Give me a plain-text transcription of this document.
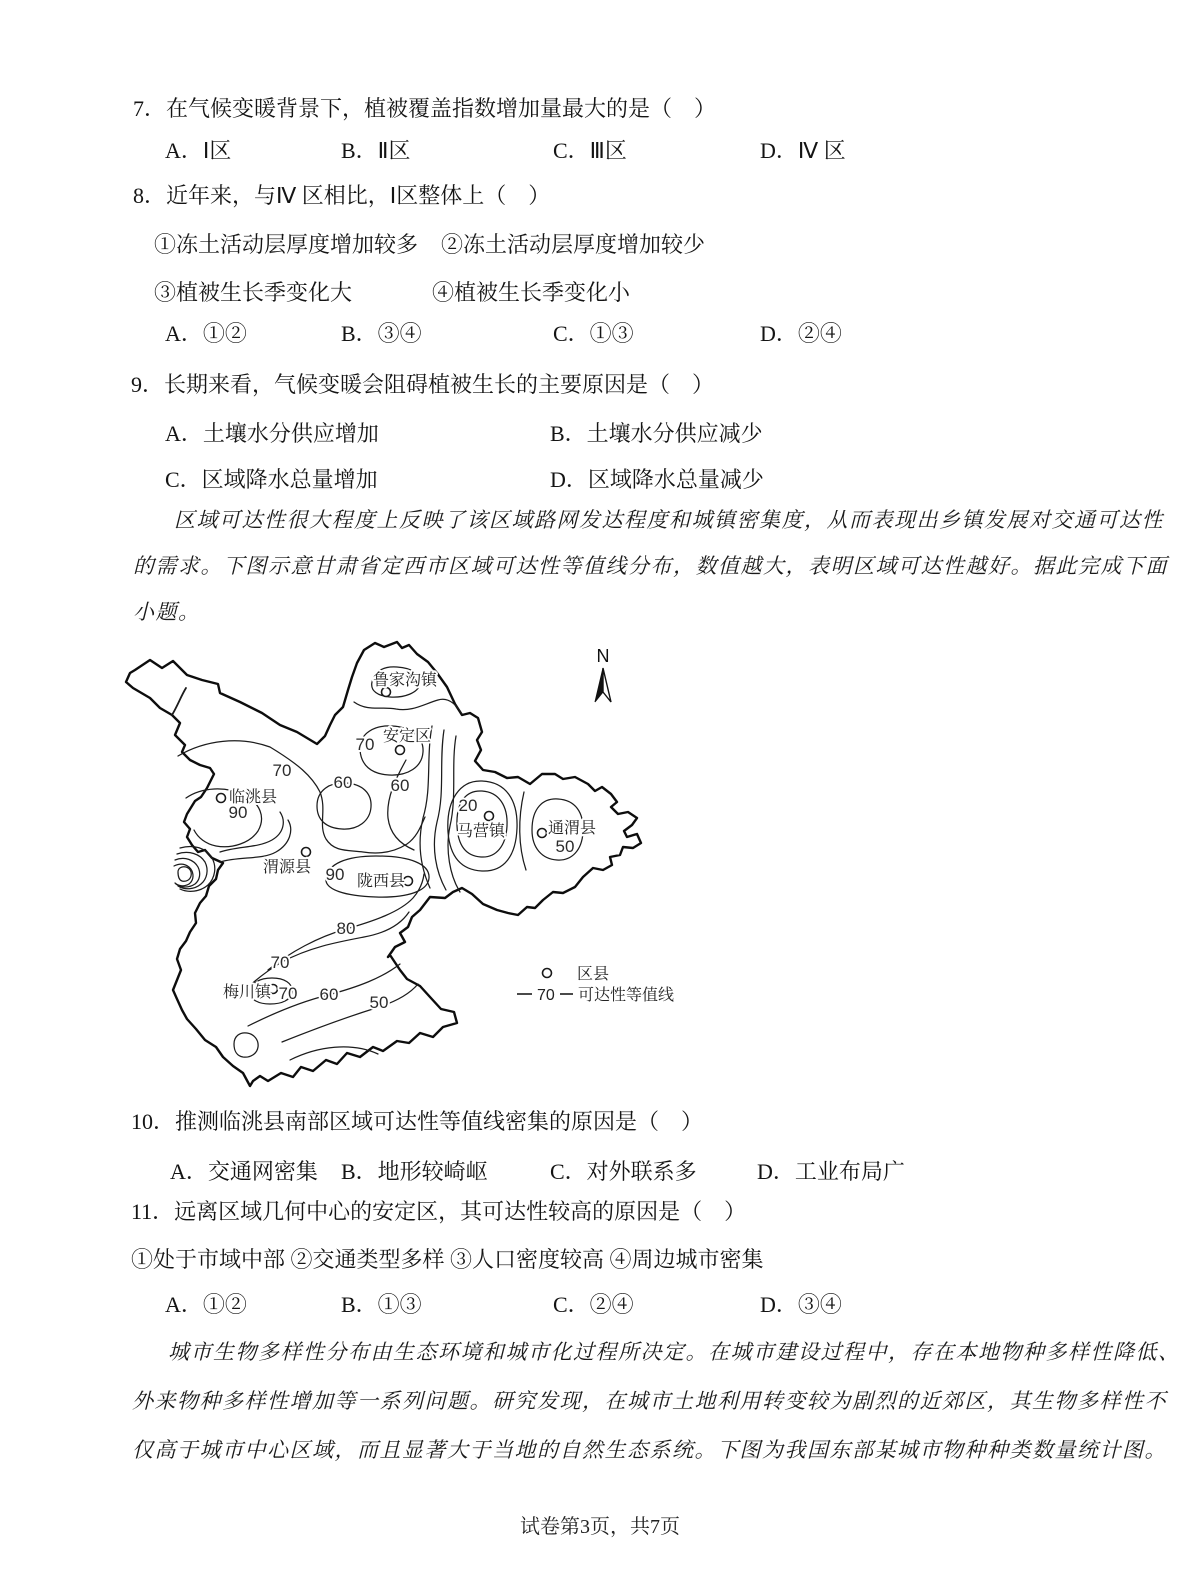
7．在气候变暖背景下，植被覆盖指数增加量最大的是（　）
A．Ⅰ区	B．Ⅱ区	C．Ⅲ区	D．Ⅳ 区
8．近年来，与Ⅳ 区相比，Ⅰ区整体上（　）
①冻土活动层厚度增加较多 ②冻土活动层厚度增加较少
③植被生长季变化大	④植被生长季变化小
A．①②	B．③④	C．①③	D．②④
9．长期来看，气候变暖会阻碍植被生长的主要原因是（　）
A．土壤水分供应增加	B．土壤水分供应减少
C．区域降水总量增加	D．区域降水总量减少
区域可达性很大程度上反映了该区域路网发达程度和城镇密集度，从而表现出乡镇发展对交通可达性
的需求。下图示意甘肃省定西市区域可达性等值线分布，数值越大，表明区域可达性越好。据此完成下面
小题。
鲁家沟镇
安定区
临洮县
马营镇	通渭县
渭源县
陇西县
梅川镇
70
70
60 60
20
50
90
90
80
70
70 60 50
N
区县
70 可达性等值线
10．推测临洮县南部区域可达性等值线密集的原因是（　）
A．交通网密集 B．地形较崎岖	C．对外联系多	D．工业布局广
11．远离区域几何中心的安定区，其可达性较高的原因是（　）
①处于市域中部 ②交通类型多样 ③人口密度较高 ④周边城市密集
A．①②	B．①③	C．②④	D．③④
城市生物多样性分布由生态环境和城市化过程所决定。在城市建设过程中，存在本地物种多样性降低、
外来物种多样性增加等一系列问题。研究发现，在城市土地利用转变较为剧烈的近郊区，其生物多样性不
仅高于城市中心区域，而且显著大于当地的自然生态系统。下图为我国东部某城市物种种类数量统计图。
试卷第3页，共7页
